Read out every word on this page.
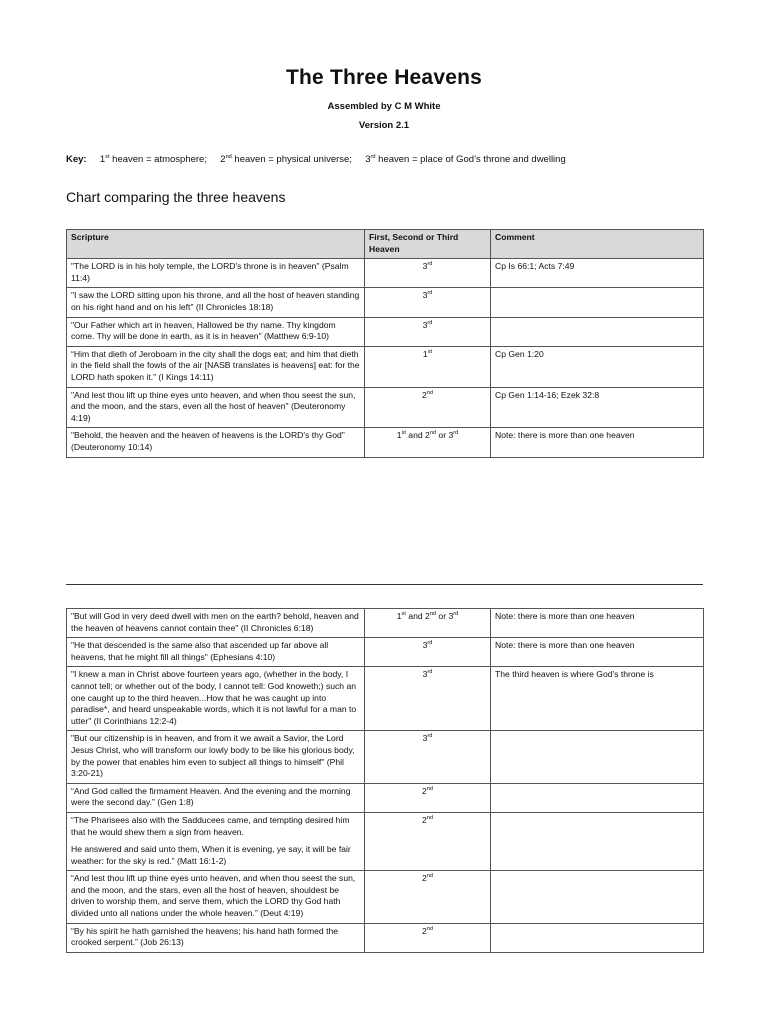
The Three Heavens
Assembled by C M White
Version 2.1
Key: 1st heaven = atmosphere; 2nd heaven = physical universe; 3rd heaven = place of God’s throne and dwelling
Chart comparing the three heavens
Scripture	First, Second or Third Heaven	Comment

"The LORD is in his holy temple, the LORD's throne is in heaven" (Psalm 11:4)	3rd	Cp Is 66:1; Acts 7:49

"I saw the LORD sitting upon his throne, and all the host of heaven standing on his right hand and on his left" (II Chronicles 18:18)	3rd	

"Our Father which art in heaven, Hallowed be thy name. Thy kingdom come. Thy will be done in earth, as it is in heaven" (Matthew 6:9-10)	3rd	

“Him that dieth of Jeroboam in the city shall the dogs eat; and him that dieth in the field shall the fowls of the air [NASB translates is heavens] eat: for the LORD hath spoken it.” (I Kings 14:11)	1st	Cp Gen 1:20

"And lest thou lift up thine eyes unto heaven, and when thou seest the sun, and the moon, and the stars, even all the host of heaven" (Deuteronomy 4:19)	2nd	Cp Gen 1:14-16; Ezek 32:8

"Behold, the heaven and the heaven of heavens is the LORD's thy God" (Deuteronomy 10:14)	1st and 2nd or 3rd	Note: there is more than one heaven
"But will God in very deed dwell with men on the earth? behold, heaven and the heaven of heavens cannot contain thee" (II Chronicles 6:18)	1st and 2nd or 3rd	Note: there is more than one heaven

"He that descended is the same also that ascended up far above all heavens, that he might fill all things" (Ephesians 4:10)	3rd	Note: there is more than one heaven

"I knew a man in Christ above fourteen years ago, (whether in the body, I cannot tell; or whether out of the body, I cannot tell: God knoweth;) such an one caught up to the third heaven...How that he was caught up into paradise*, and heard unspeakable words, which it is not lawful for a man to utter" (II Corinthians 12:2-4)	3rd	The third heaven is where God's throne is

"But our citizenship is in heaven, and from it we await a Savior, the Lord Jesus Christ, who will transform our lowly body to be like his glorious body, by the power that enables him even to subject all things to himself" (Phil 3:20-21)	3rd	

“And God called the firmament Heaven. And the evening and the morning were the second day.” (Gen 1:8)	2nd	

“The Pharisees also with the Sadducees came, and tempting desired him that he would shew them a sign from heaven.
He answered and said unto them, When it is evening, ye say, it will be fair weather: for the sky is red.” (Matt 16:1-2)	2nd	

“And lest thou lift up thine eyes unto heaven, and when thou seest the sun, and the moon, and the stars, even all the host of heaven, shouldest be driven to worship them, and serve them, which the LORD thy God hath divided unto all nations under the whole heaven.” (Deut 4:19)	2nd	

“By his spirit he hath garnished the heavens; his hand hath formed the crooked serpent.” (Job 26:13)	2nd	
